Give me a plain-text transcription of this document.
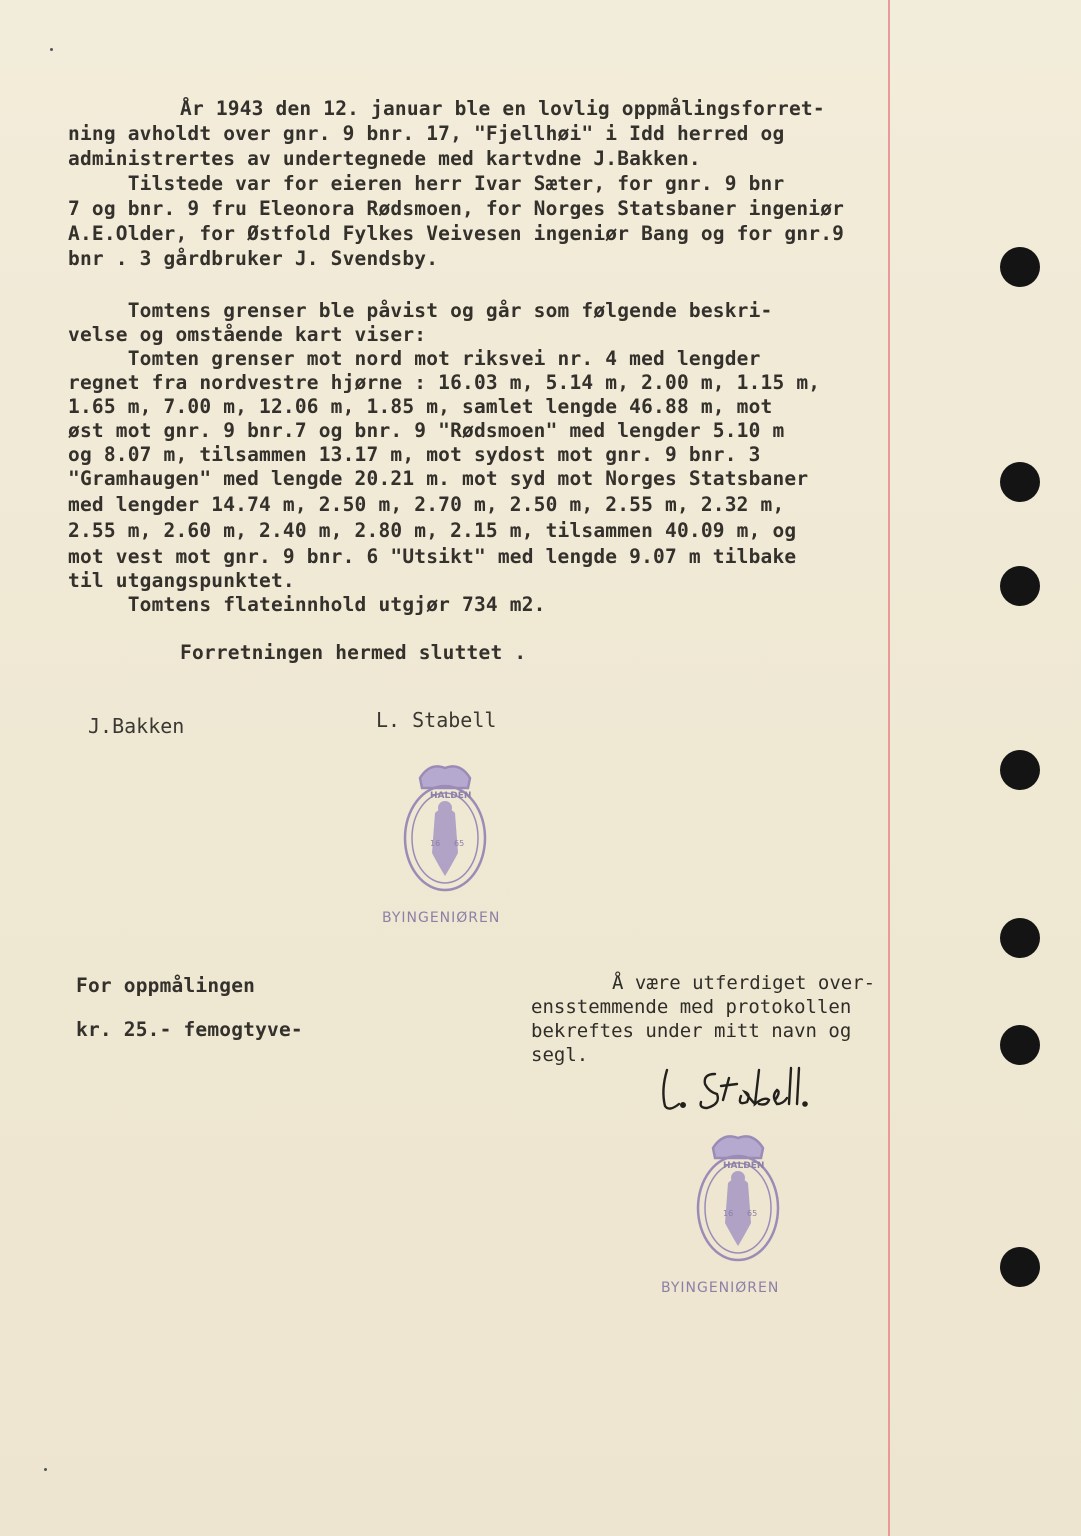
År 1943 den 12. januar ble en lovlig oppmålingsforret-
ning avholdt over gnr. 9 bnr. 17, "Fjellhøi" i Idd herred og
administrertes av undertegnede med kartvdne J.Bakken.
Tilstede var for eieren herr Ivar Sæter, for gnr. 9 bnr
7 og bnr. 9 fru Eleonora Rødsmoen, for Norges Statsbaner ingeniør
A.E.Older, for Østfold Fylkes Veivesen ingeniør Bang og for gnr.9
bnr . 3 gårdbruker J. Svendsby.
Tomtens grenser ble påvist og går som følgende beskri-
velse og omstående kart viser:
Tomten grenser mot nord mot riksvei nr. 4 med lengder
regnet fra nordvestre hjørne : 16.03 m, 5.14 m, 2.00 m, 1.15 m,
1.65 m, 7.00 m, 12.06 m, 1.85 m, samlet lengde 46.88 m, mot
øst mot gnr. 9 bnr.7 og bnr. 9 "Rødsmoen" med lengder 5.10 m
og 8.07 m, tilsammen 13.17 m, mot sydost mot gnr. 9 bnr. 3
"Gramhaugen" med lengde 20.21 m. mot syd mot Norges Statsbaner
med lengder 14.74 m, 2.50 m, 2.70 m, 2.50 m, 2.55 m, 2.32 m,
2.55 m, 2.60 m, 2.40 m, 2.80 m, 2.15 m, tilsammen 40.09 m, og
mot vest mot gnr. 9 bnr. 6 "Utsikt" med lengde 9.07 m tilbake
til utgangspunktet.
Tomtens flateinnhold utgjør 734 m2.
Forretningen hermed sluttet .
J.Bakken	L. Stabell
16 65
HALDEN
BYINGENIØREN
For oppmålingen
kr. 25.- femogtyve-
Å være utferdiget over-
ensstemmende med protokollen
bekreftes under mitt navn og
segl.
16 65
HALDEN
BYINGENIØREN
